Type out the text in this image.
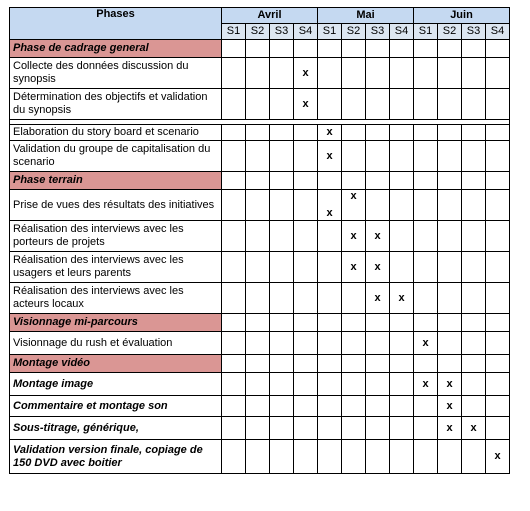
Phases	Avril				Mai				Juin			
	S1	S2	S3	S4	S1	S2	S3	S4	S1	S2	S3	S4
Phase de cadrage general												
Collecte des données discussion du synopsis				x								
Détermination des objectifs et validation du synopsis				x								

Elaboration du story board et scenario					x							
Validation du groupe de capitalisation du scenario					x							
Phase terrain												
Prise de vues des résultats des initiatives					x	x						
Réalisation des interviews avec les porteurs de projets						x	x					
Réalisation des interviews avec les usagers et leurs parents						x	x					
Réalisation des interviews avec les acteurs locaux							x	x				
Visionnage mi-parcours												
Visionnage du rush et évaluation									x			
Montage vidéo												
Montage image									x	x		
Commentaire et montage son										x		
Sous-titrage, générique,										x	x	
Validation version finale, copiage de 150 DVD avec boitier												x
